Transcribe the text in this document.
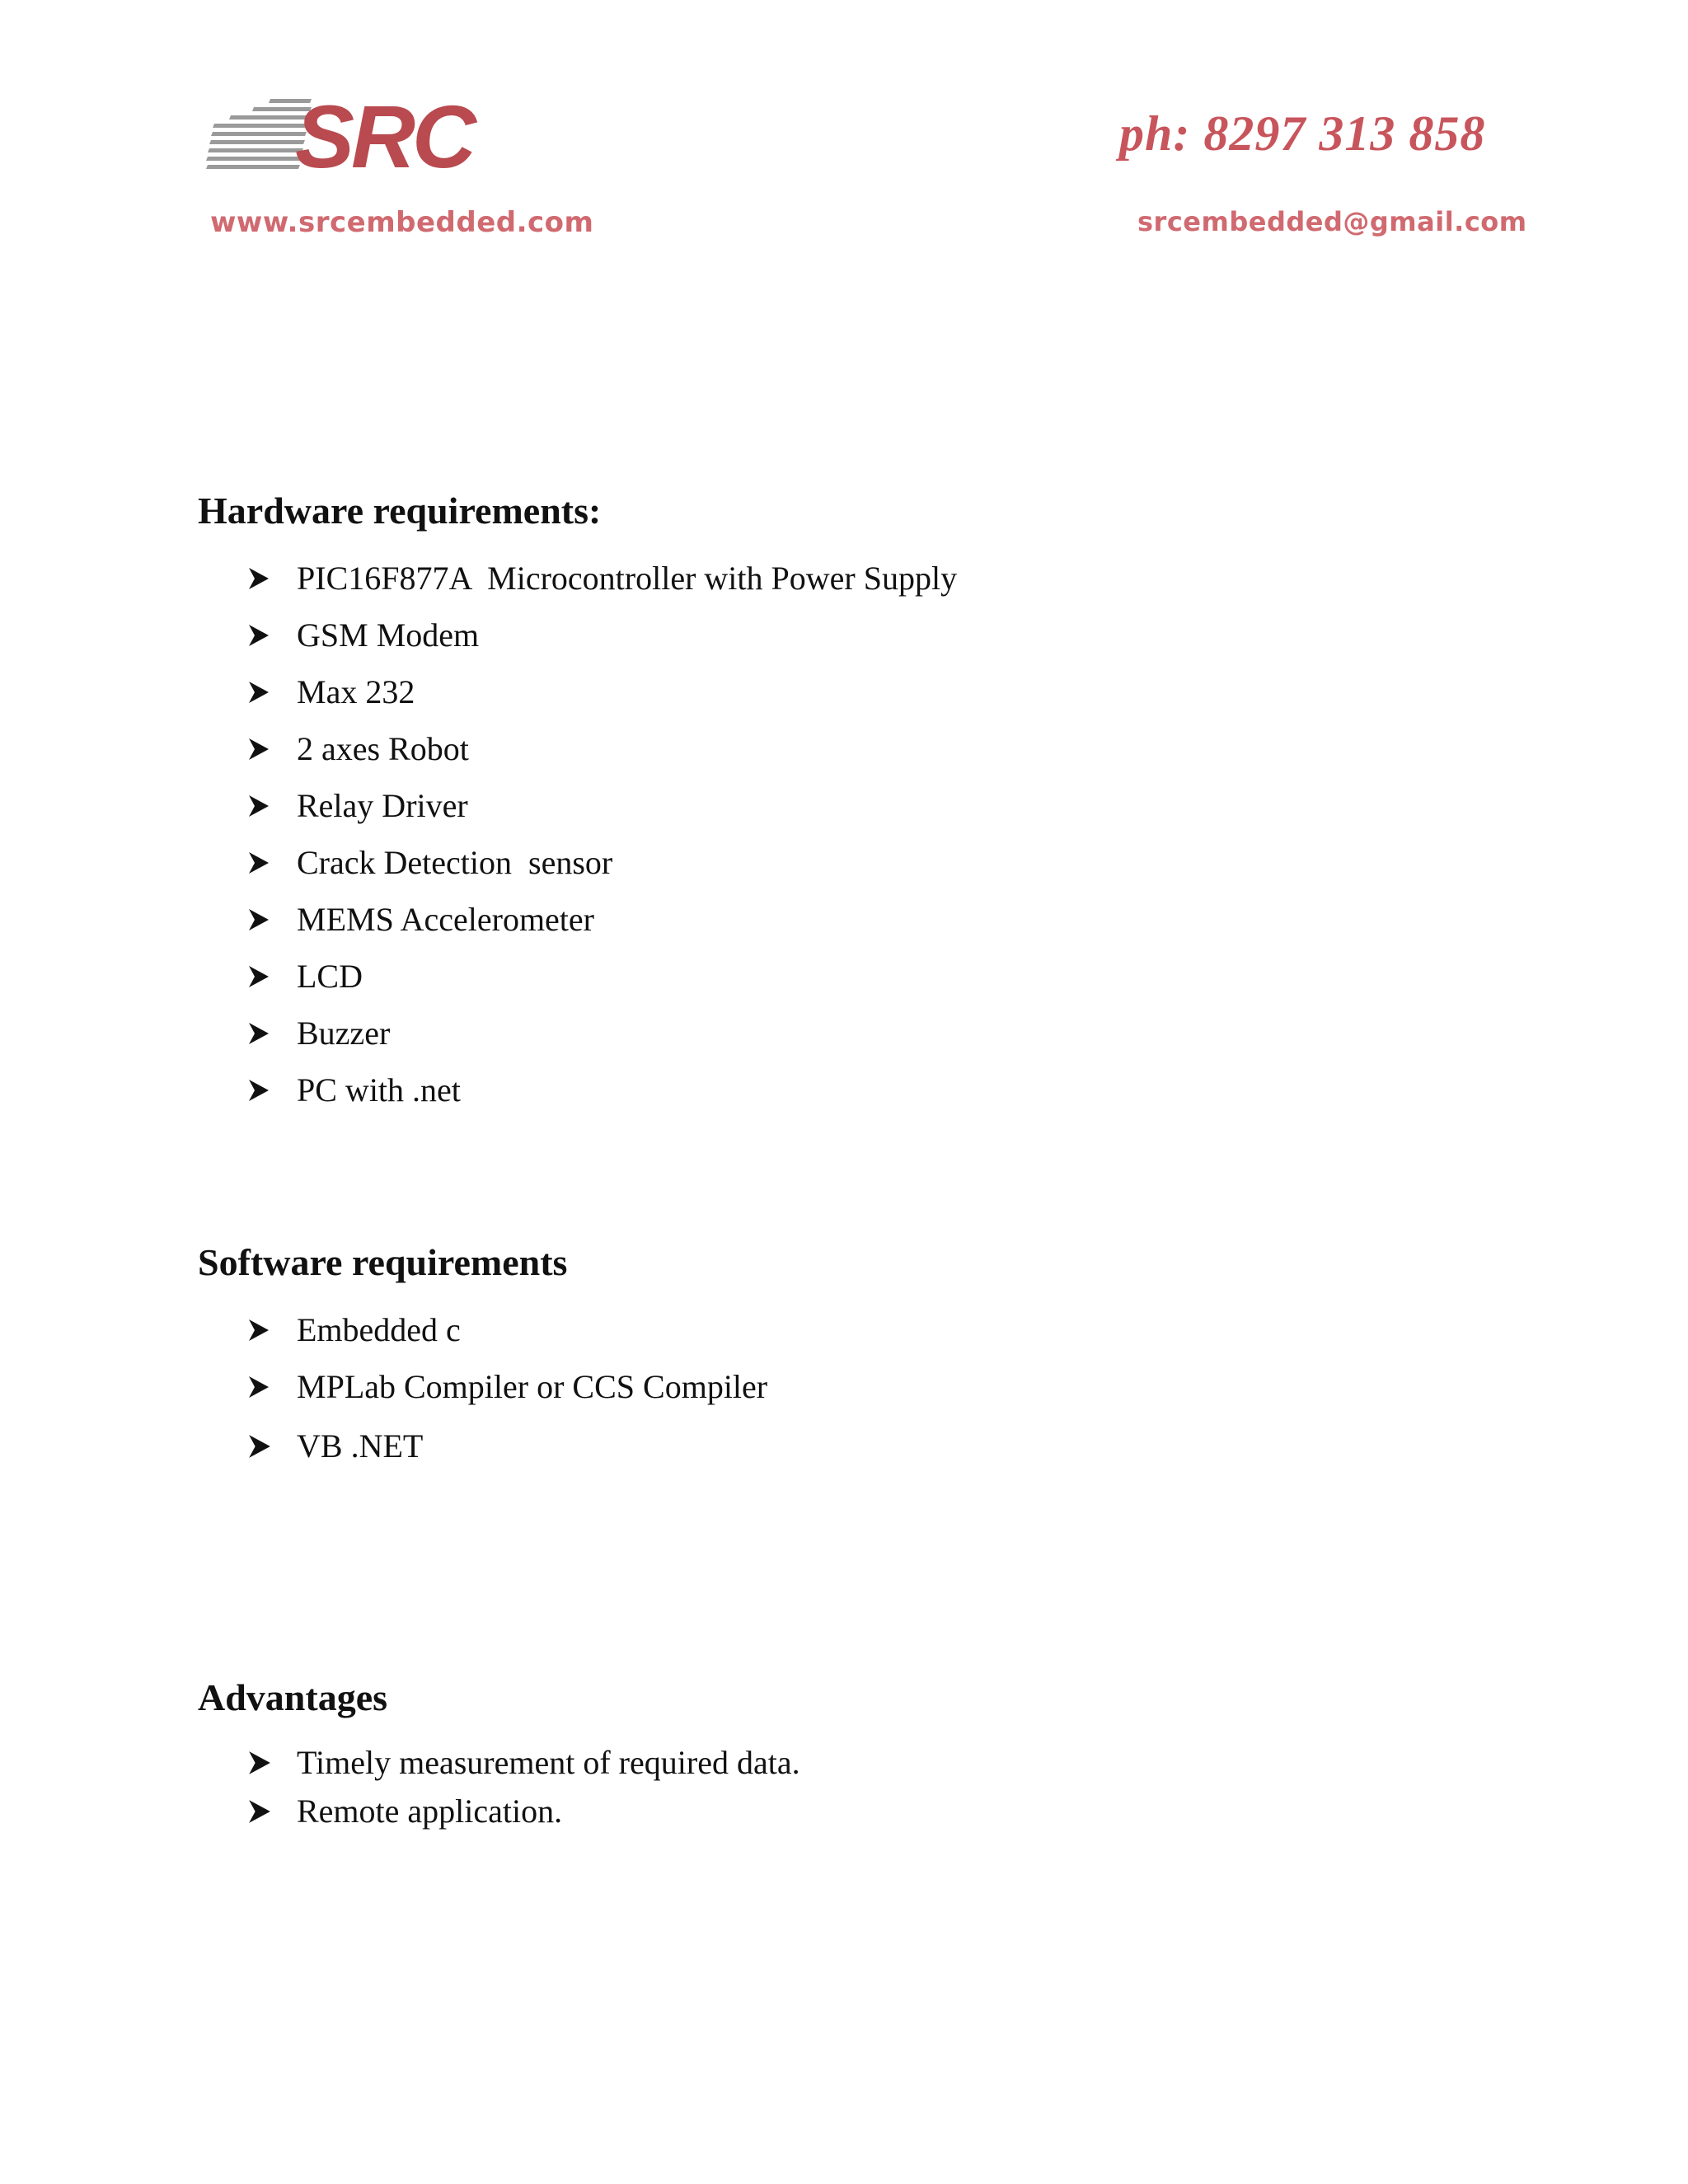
SRC
www.srcembedded.com
ph: 8297 313 858
srcembedded@gmail.com
Hardware requirements:

PIC16F877A  Microcontroller with Power Supply

GSM Modem

Max 232

2 axes Robot

Relay Driver

Crack Detection  sensor

MEMS Accelerometer

LCD

Buzzer

PC with .net

Software requirements

Embedded c

MPLab Compiler or CCS Compiler

VB .NET

Advantages

Timely measurement of required data.

Remote application.
